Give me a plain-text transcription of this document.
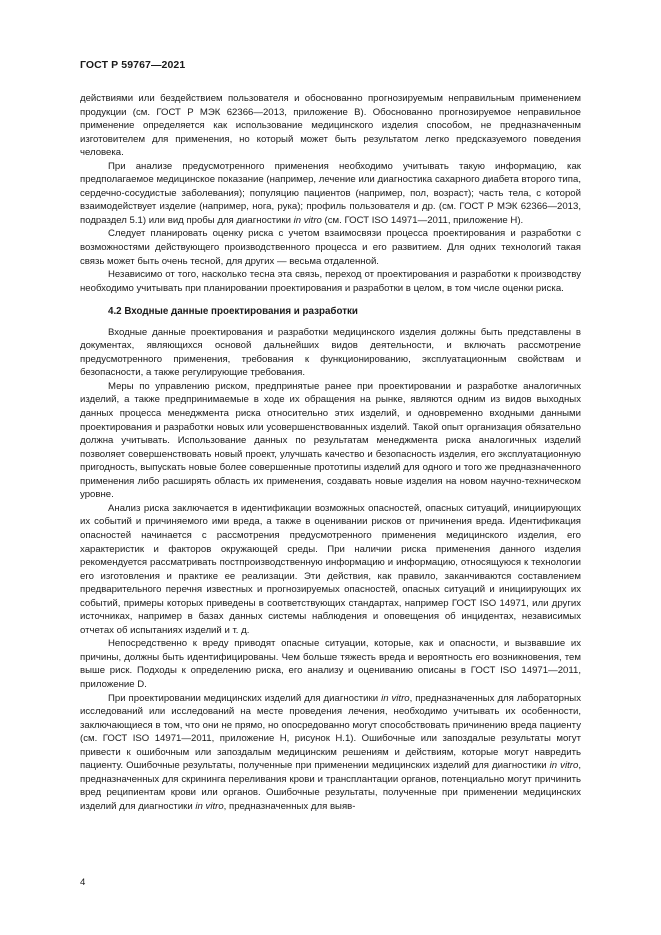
ГОСТ Р 59767—2021

действиями или бездействием пользователя и обоснованно прогнозируемым неправильным применением продукции (см. ГОСТ Р МЭК 62366—2013, приложение В). Обоснованно прогнозируемое неправильное применение определяется как использование медицинского изделия способом, не предназначенным изготовителем для применения, но который может быть результатом легко предсказуемого поведения человека.

При анализе предусмотренного применения необходимо учитывать такую информацию, как предполагаемое медицинское показание (например, лечение или диагностика сахарного диабета второго типа, сердечно-сосудистые заболевания); популяцию пациентов (например, пол, возраст); часть тела, с которой взаимодействует изделие (например, нога, рука); профиль пользователя и др. (см. ГОСТ Р МЭК 62366—2013, подраздел 5.1) или вид пробы для диагностики in vitro (см. ГОСТ ISO 14971—2011, приложение Н).

Следует планировать оценку риска с учетом взаимосвязи процесса проектирования и разработки с возможностями действующего производственного процесса и его развитием. Для одних технологий такая связь может быть очень тесной, для других — весьма отдаленной.

Независимо от того, насколько тесна эта связь, переход от проектирования и разработки к производству необходимо учитывать при планировании проектирования и разработки в целом, в том числе оценки риска.

4.2 Входные данные проектирования и разработки

Входные данные проектирования и разработки медицинского изделия должны быть представлены в документах, являющихся основой дальнейших видов деятельности, и включать рассмотрение предусмотренного применения, требования к функционированию, эксплуатационным свойствам и безопасности, а также регулирующие требования.

Меры по управлению риском, предпринятые ранее при проектировании и разработке аналогичных изделий, а также предпринимаемые в ходе их обращения на рынке, являются одним из видов выходных данных процесса менеджмента риска относительно этих изделий, и одновременно входными данными проектирования и разработки новых или усовершенствованных изделий. Такой опыт организация обязательно должна учитывать. Использование данных по результатам менеджмента риска аналогичных изделий позволяет совершенствовать новый проект, улучшать качество и безопасность изделия, его эксплуатационную пригодность, выпускать новые более совершенные прототипы изделий для одного и того же предназначенного применения либо расширять область их применения, создавать новые изделия на новом научно-техническом уровне.

Анализ риска заключается в идентификации возможных опасностей, опасных ситуаций, инициирующих их событий и причиняемого ими вреда, а также в оценивании рисков от причинения вреда. Идентификация опасностей начинается с рассмотрения предусмотренного применения медицинского изделия, его характеристик и факторов окружающей среды. При наличии риска применения данного изделия рекомендуется рассматривать постпроизводственную информацию и информацию, относящуюся к технологии его изготовления и практике ее реализации. Эти действия, как правило, заканчиваются составлением предварительного перечня известных и прогнозируемых опасностей, опасных ситуаций и инициирующих их событий, примеры которых приведены в соответствующих стандартах, например ГОСТ ISO 14971, или других источниках, например в базах данных системы наблюдения и оповещения об инцидентах, независимых отчетах об испытаниях изделий и т. д.

Непосредственно к вреду приводят опасные ситуации, которые, как и опасности, и вызвавшие их причины, должны быть идентифицированы. Чем больше тяжесть вреда и вероятность его возникновения, тем выше риск. Подходы к определению риска, его анализу и оцениванию описаны в ГОСТ ISO 14971—2011, приложение D.

При проектировании медицинских изделий для диагностики in vitro, предназначенных для лабораторных исследований или исследований на месте проведения лечения, необходимо учитывать их особенности, заключающиеся в том, что они не прямо, но опосредованно могут способствовать причинению вреда пациенту (см. ГОСТ ISO 14971—2011, приложение Н, рисунок Н.1). Ошибочные или запоздалые результаты могут привести к ошибочным или запоздалым медицинским решениям и действиям, которые могут навредить пациенту. Ошибочные результаты, полученные при применении медицинских изделий для диагностики in vitro, предназначенных для скрининга переливания крови и трансплантации органов, потенциально могут причинить вред реципиентам крови или органов. Ошибочные результаты, полученные при применении медицинских изделий для диагностики in vitro, предназначенных для выяв-

4
